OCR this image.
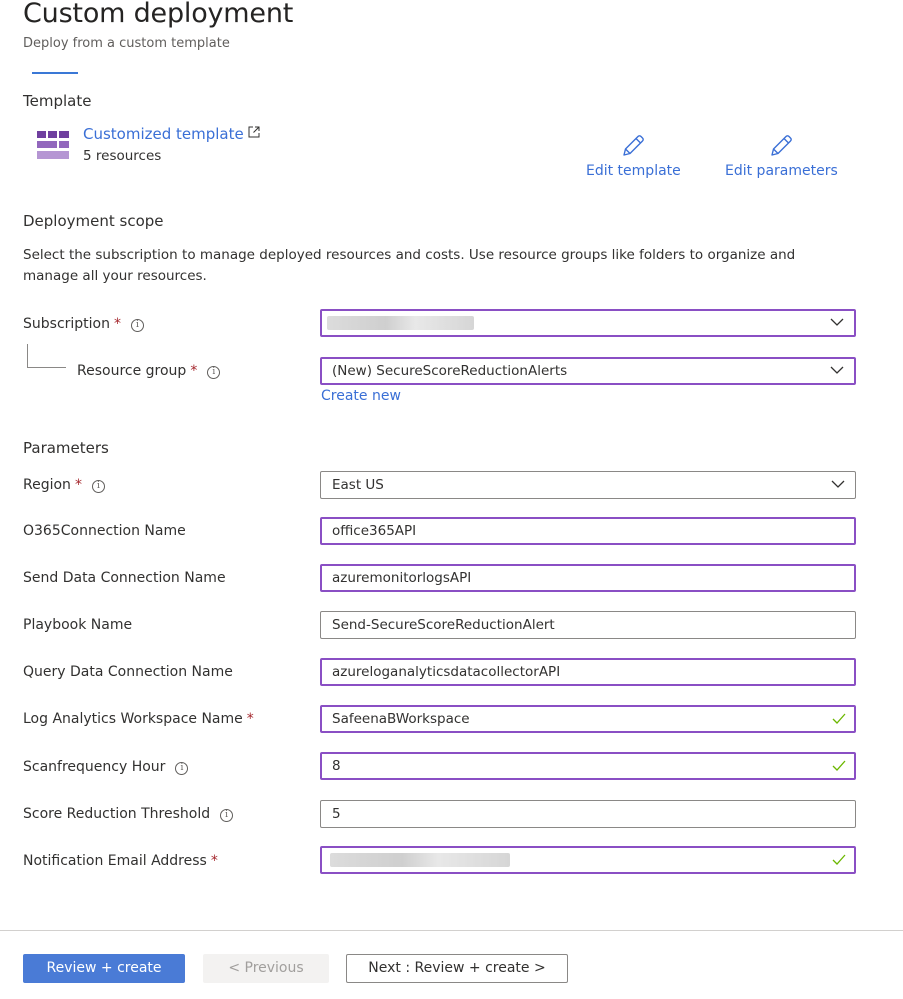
Custom deployment
Deploy from a custom template
Template
Customized template
5 resources
Edit template	Edit parameters
Deployment scope
Select the subscription to manage deployed resources and costs. Use resource groups like folders to organize and manage all your resources.
Subscription * i
Resource group * i	(New) SecureScoreReductionAlerts
Create new
Parameters
Region * i	East US
O365Connection Name	office365API
Send Data Connection Name	azuremonitorlogsAPI
Playbook Name	Send-SecureScoreReductionAlert
Query Data Connection Name	azureloganalyticsdatacollectorAPI
Log Analytics Workspace Name *	SafeenaBWorkspace
Scanfrequency Hour i	8
Score Reduction Threshold i	5
Notification Email Address *
Review + create	< Previous	Next : Review + create >
